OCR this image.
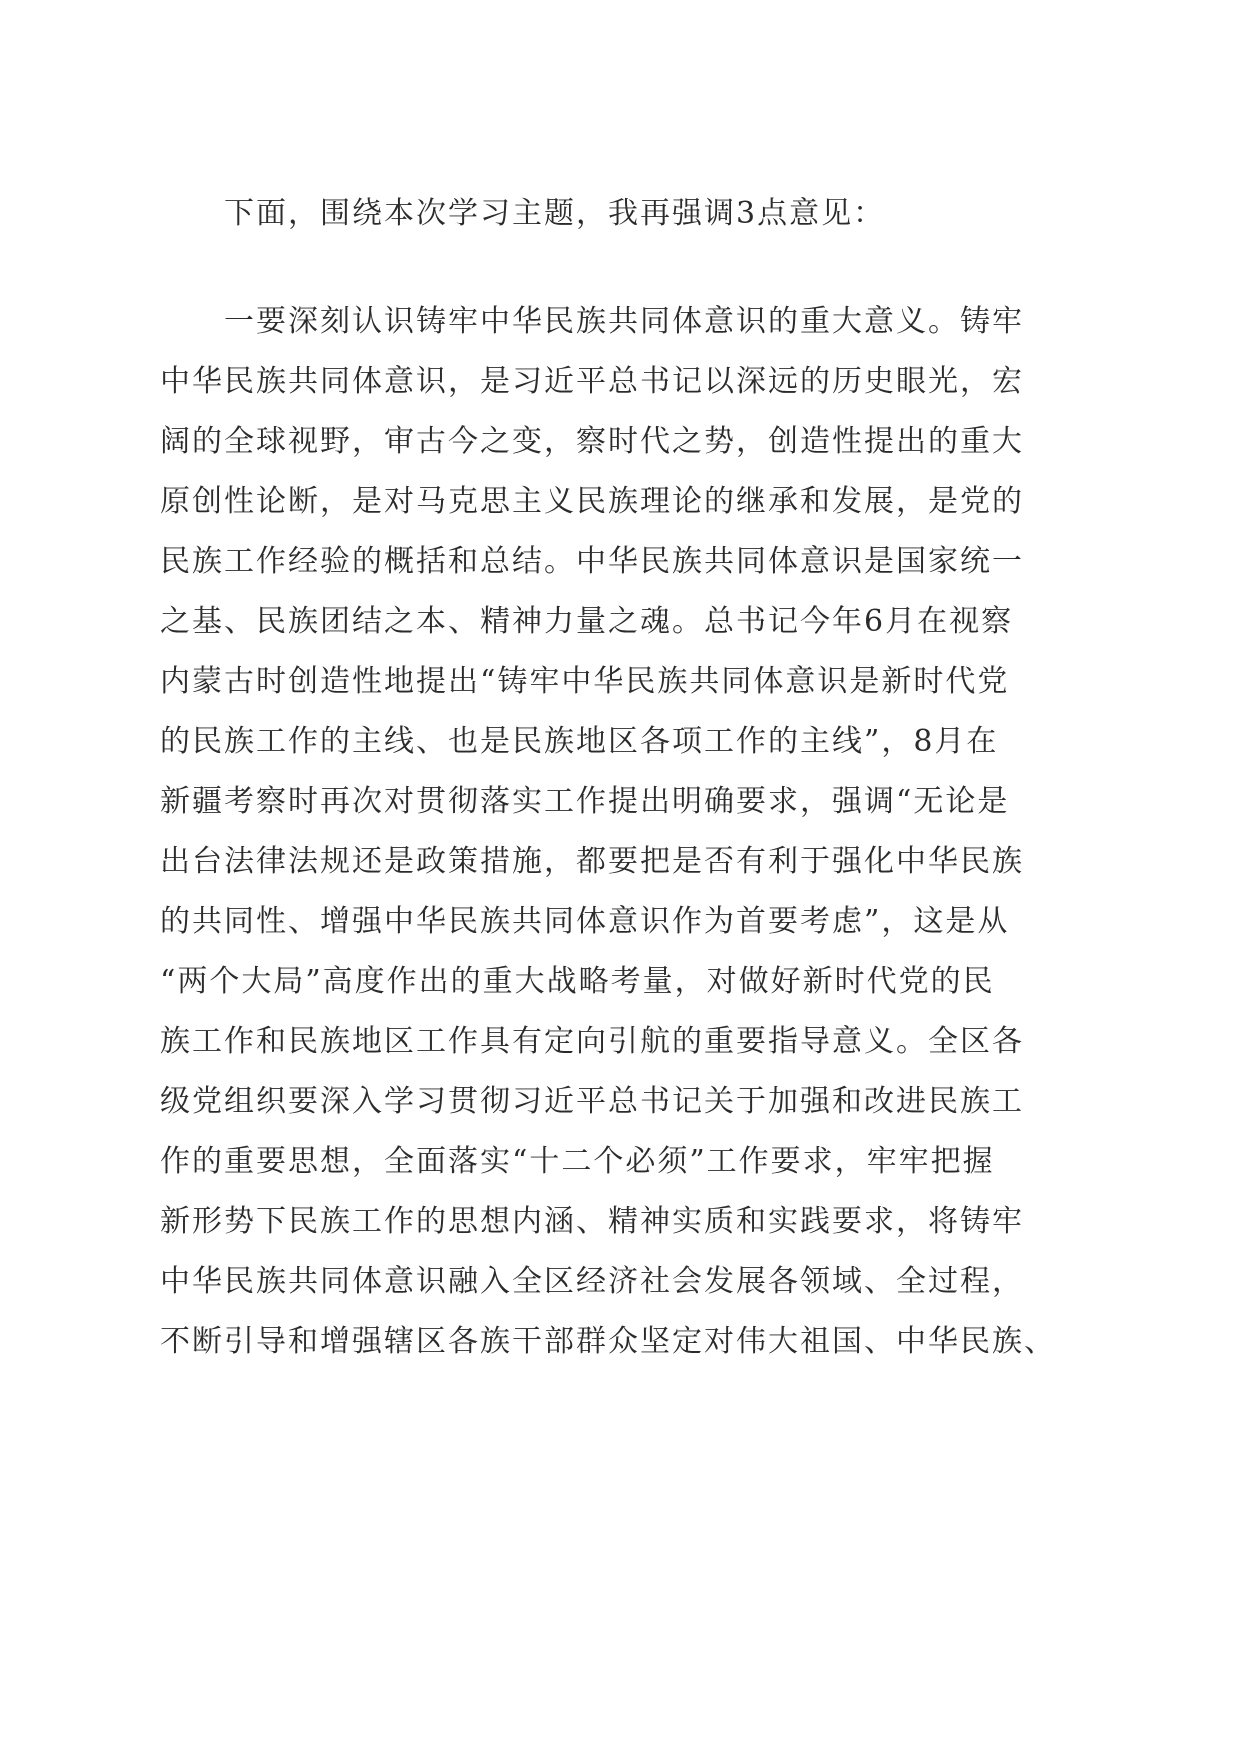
下面，围绕本次学习主题，我再强调3点意见：

一要深刻认识铸牢中华民族共同体意识的重大意义。铸牢
中华民族共同体意识，是习近平总书记以深远的历史眼光，宏
阔的全球视野，审古今之变，察时代之势，创造性提出的重大
原创性论断，是对马克思主义民族理论的继承和发展，是党的
民族工作经验的概括和总结。中华民族共同体意识是国家统一
之基、民族团结之本、精神力量之魂。总书记今年6月在视察
内蒙古时创造性地提出“铸牢中华民族共同体意识是新时代党
的民族工作的主线、也是民族地区各项工作的主线”，8月在
新疆考察时再次对贯彻落实工作提出明确要求，强调“无论是
出台法律法规还是政策措施，都要把是否有利于强化中华民族
的共同性、增强中华民族共同体意识作为首要考虑”，这是从
“两个大局”高度作出的重大战略考量，对做好新时代党的民
族工作和民族地区工作具有定向引航的重要指导意义。全区各
级党组织要深入学习贯彻习近平总书记关于加强和改进民族工
作的重要思想，全面落实“十二个必须”工作要求，牢牢把握
新形势下民族工作的思想内涵、精神实质和实践要求，将铸牢
中华民族共同体意识融入全区经济社会发展各领域、全过程，
不断引导和增强辖区各族干部群众坚定对伟大祖国、中华民族、
